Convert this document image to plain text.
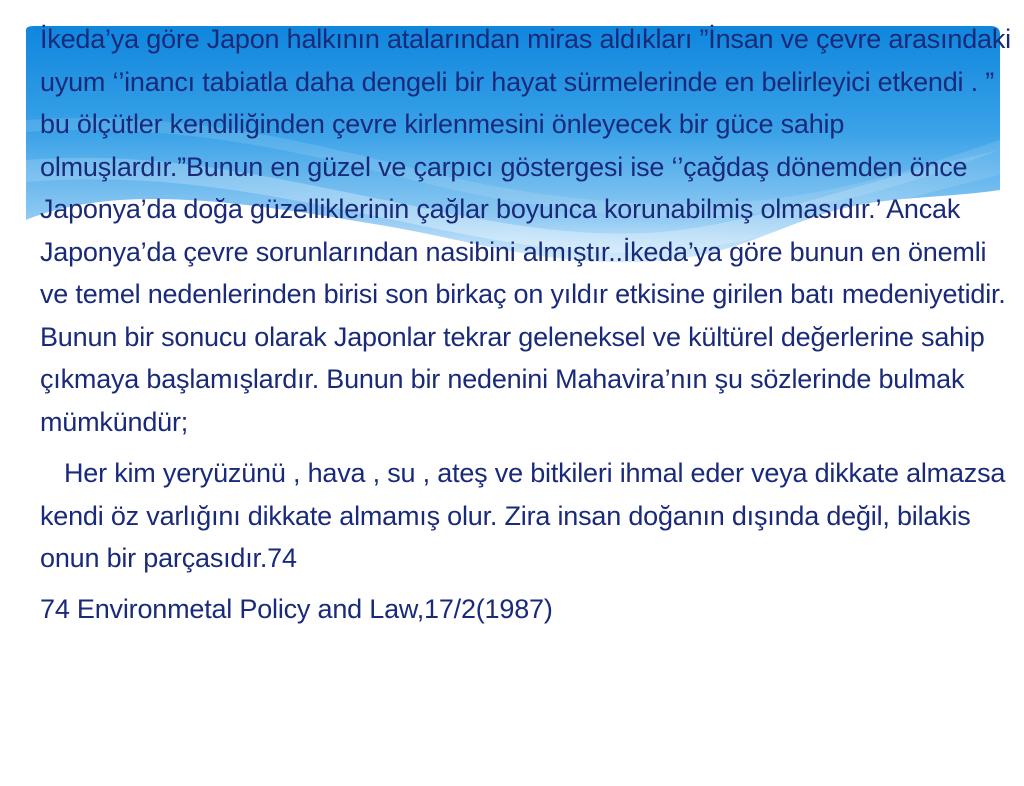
İkeda’ya göre Japon halkının atalarından miras aldıkları ”İnsan ve çevre arasındaki uyum ‘’inancı tabiatla daha dengeli bir hayat sürmelerinde en belirleyici etkendi . ” bu ölçütler kendiliğinden çevre kirlenmesini önleyecek bir güce sahip olmuşlardır.”Bunun en güzel ve çarpıcı göstergesi ise ‘’çağdaş dönemden önce Japonya’da doğa güzelliklerinin çağlar boyunca korunabilmiş olmasıdır.’ Ancak Japonya’da çevre sorunlarından nasibini almıştır..İkeda’ya göre bunun en önemli ve temel nedenlerinden birisi son birkaç on yıldır etkisine girilen batı medeniyetidir. Bunun bir sonucu olarak Japonlar tekrar geleneksel ve kültürel değerlerine sahip çıkmaya başlamışlardır. Bunun bir nedenini Mahavira’nın şu sözlerinde bulmak mümkündür;

Her kim yeryüzünü , hava , su , ateş ve bitkileri ihmal eder veya dikkate almazsa kendi öz varlığını dikkate almamış olur. Zira insan doğanın dışında değil, bilakis onun bir parçasıdır.74

74 Environmetal Policy and Law,17/2(1987)
